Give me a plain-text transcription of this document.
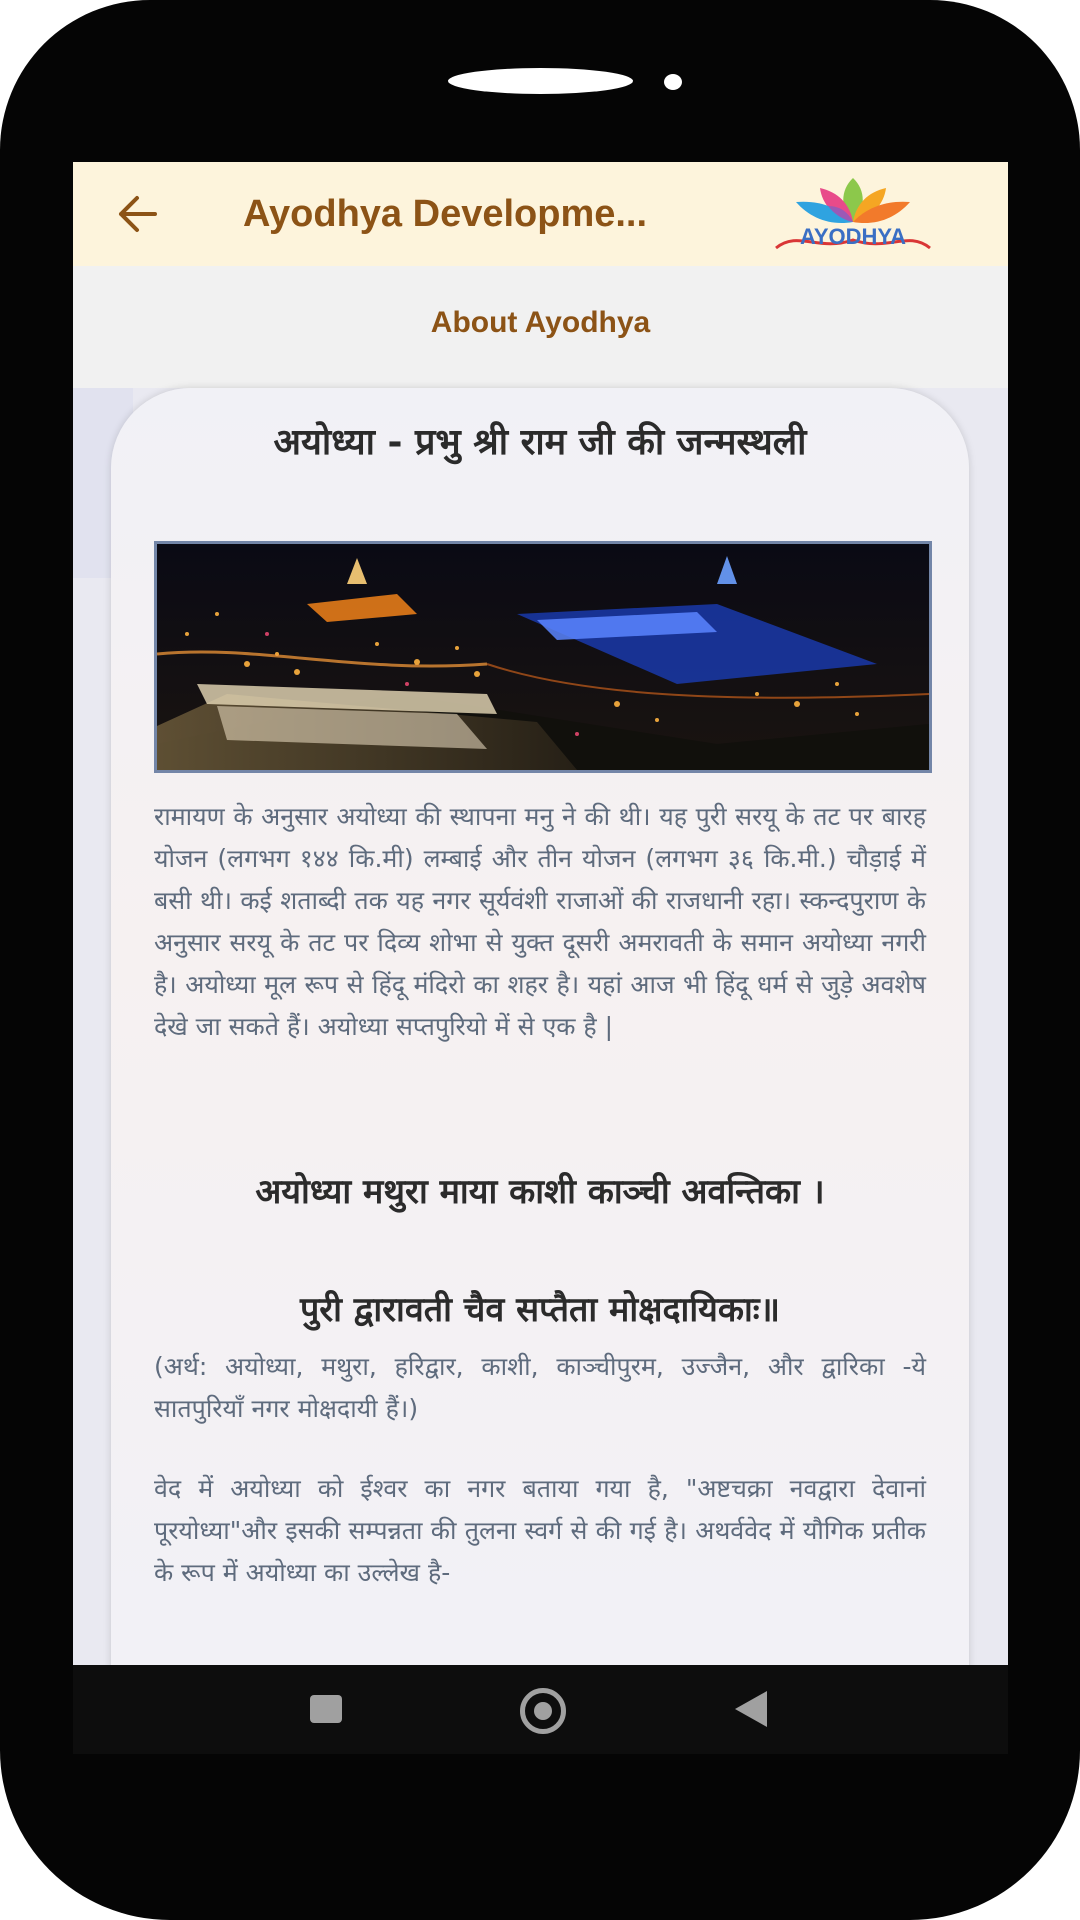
Ayodhya Developme...
AYODHYA
About Ayodhya
अयोध्या - प्रभु श्री राम जी की जन्मस्थली

रामायण के अनुसार अयोध्या की स्थापना मनु ने की थी। यह पुरी सरयू के तट पर बारह योजन (लगभग १४४ कि.मी) लम्बाई और तीन योजन (लगभग ३६ कि.मी.) चौड़ाई में बसी थी। कई शताब्दी तक यह नगर सूर्यवंशी राजाओं की राजधानी रहा। स्कन्दपुराण के अनुसार सरयू के तट पर दिव्य शोभा से युक्त दूसरी अमरावती के समान अयोध्या नगरी है। अयोध्या मूल रूप से हिंदू मंदिरो का शहर है। यहां आज भी हिंदू धर्म से जुड़े अवशेष देखे जा सकते हैं। अयोध्या सप्तपुरियो में से एक है |

अयोध्या मथुरा माया काशी काञ्ची अवन्तिका ।
पुरी द्वारावती चैव सप्तैता मोक्षदायिकाः॥

(अर्थ: अयोध्या, मथुरा, हरिद्वार, काशी, काञ्चीपुरम, उज्जैन, और द्वारिका -ये सातपुरियाँ नगर मोक्षदायी हैं।)

वेद में अयोध्या को ईश्वर का नगर बताया गया है, "अष्टचक्रा नवद्वारा देवानां पूरयोध्या"और इसकी सम्पन्नता की तुलना स्वर्ग से की गई है। अथर्ववेद में यौगिक प्रतीक के रूप में अयोध्या का उल्लेख है-
